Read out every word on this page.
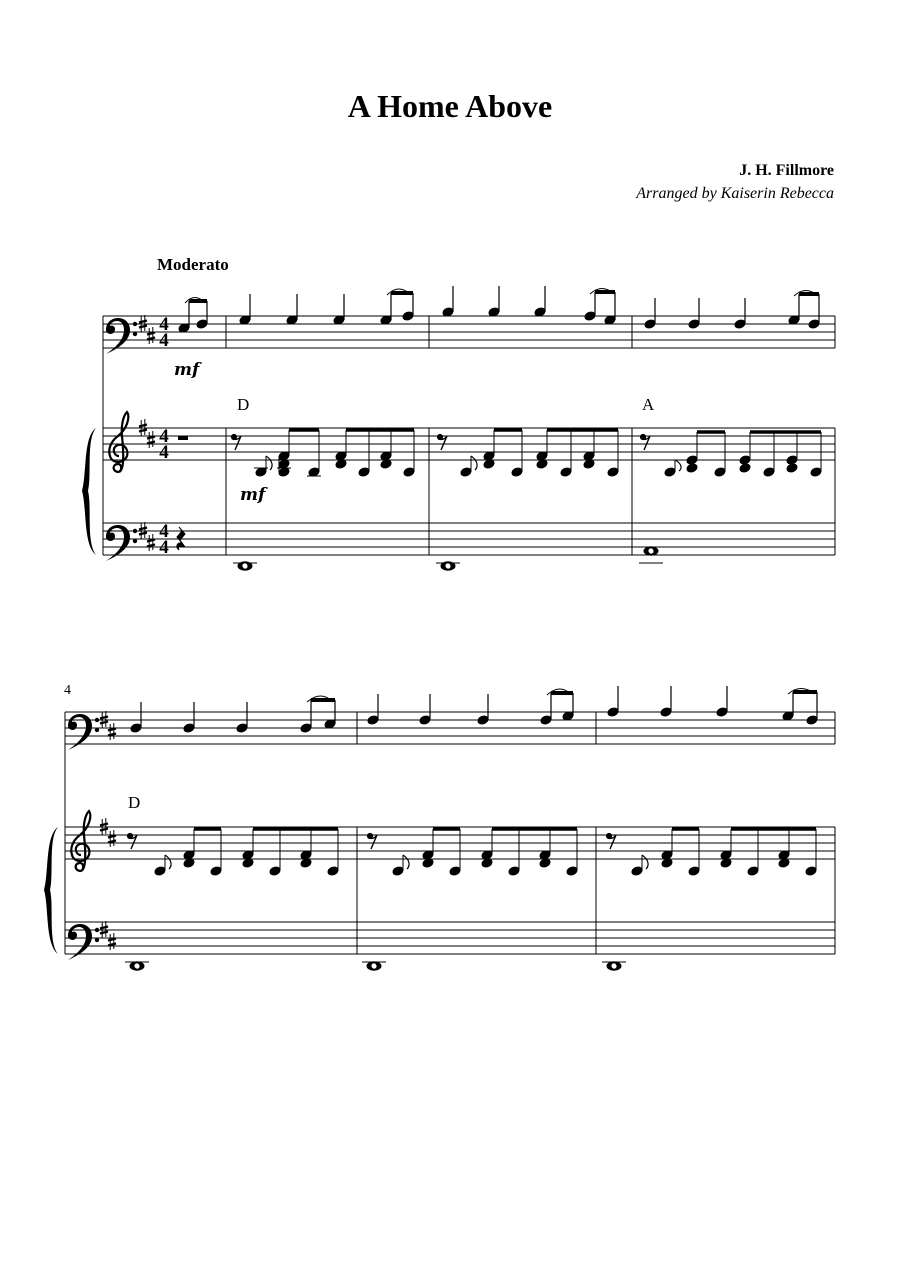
A Home Above
J. H. Fillmore
Arranged by Kaiserin Rebecca
Moderato
4
4
4
4
4
4
D	A
mf
mf
4
D
